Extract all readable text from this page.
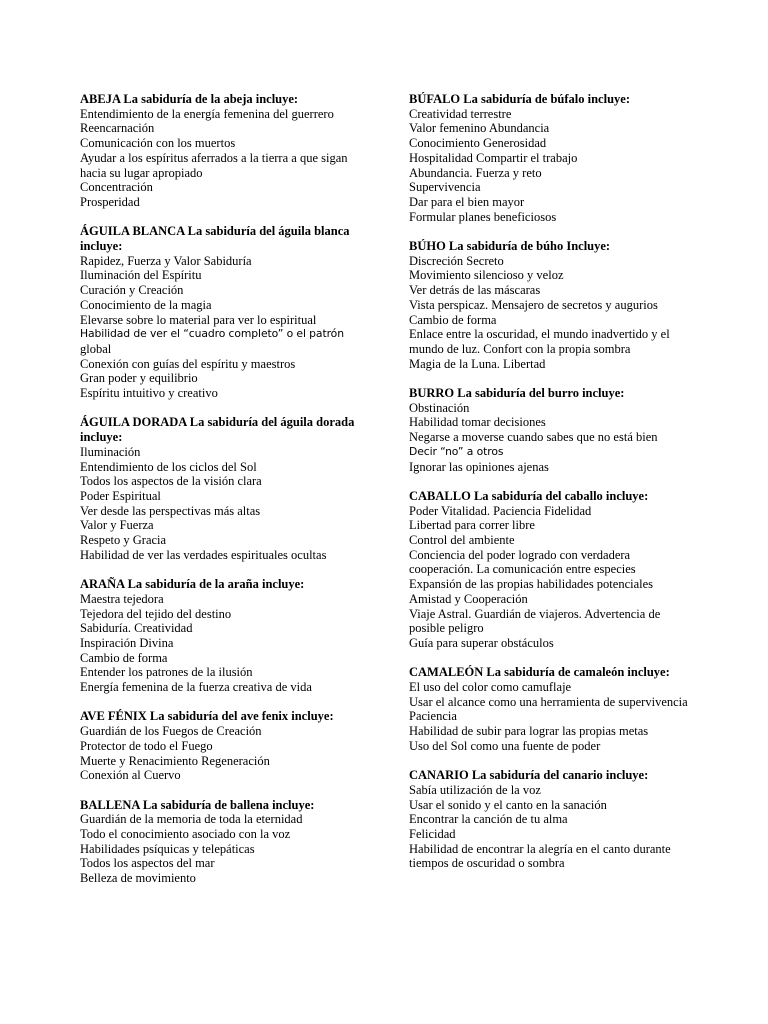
ABEJA La sabiduría de la abeja incluye:
Entendimiento de la energía femenina del guerrero
Reencarnación
Comunicación con los muertos
Ayudar a los espíritus aferrados a la tierra a que sigan
hacia su lugar apropiado
Concentración
Prosperidad
ÁGUILA BLANCA La sabiduría del águila blanca
incluye:
Rapidez, Fuerza y Valor Sabiduría
Iluminación del Espíritu
Curación y Creación
Conocimiento de la magia
Elevarse sobre lo material para ver lo espiritual
Habilidad de ver el “cuadro completo” o el patrón
global
Conexión con guías del espíritu y maestros
Gran poder y equilibrio
Espíritu intuitivo y creativo
ÁGUILA DORADA La sabiduría del águila dorada
incluye:
Iluminación
Entendimiento de los ciclos del Sol
Todos los aspectos de la visión clara
Poder Espiritual
Ver desde las perspectivas más altas
Valor y Fuerza
Respeto y Gracia
Habilidad de ver las verdades espirituales ocultas
ARAÑA La sabiduría de la araña incluye:
Maestra tejedora
Tejedora del tejido del destino
Sabiduría. Creatividad
Inspiración Divina
Cambio de forma
Entender los patrones de la ilusión
Energía femenina de la fuerza creativa de vida
AVE FÉNIX La sabiduría del ave fenix incluye:
Guardián de los Fuegos de Creación
Protector de todo el Fuego
Muerte y Renacimiento Regeneración
Conexión al Cuervo
BALLENA La sabiduría de ballena incluye:
Guardián de la memoria de toda la eternidad
Todo el conocimiento asociado con la voz
Habilidades psíquicas y telepáticas
Todos los aspectos del mar
Belleza de movimiento
BÚFALO La sabiduría de búfalo incluye:
Creatividad terrestre
Valor femenino Abundancia
Conocimiento Generosidad
Hospitalidad Compartir el trabajo
Abundancia. Fuerza y reto
Supervivencia
Dar para el bien mayor
Formular planes beneficiosos
BÚHO La sabiduría de búho Incluye:
Discreción Secreto
Movimiento silencioso y veloz
Ver detrás de las máscaras
Vista perspicaz. Mensajero de secretos y augurios
Cambio de forma
Enlace entre la oscuridad, el mundo inadvertido y el
mundo de luz. Confort con la propia sombra
Magia de la Luna. Libertad
BURRO La sabiduría del burro incluye:
Obstinación
Habilidad tomar decisiones
Negarse a moverse cuando sabes que no está bien
Decir “no” a otros
Ignorar las opiniones ajenas
CABALLO La sabiduría del caballo incluye:
Poder Vitalidad. Paciencia Fidelidad
Libertad para correr libre
Control del ambiente
Conciencia del poder logrado con verdadera
cooperación. La comunicación entre especies
Expansión de las propias habilidades potenciales
Amistad y Cooperación
Viaje Astral. Guardián de viajeros. Advertencia de
posible peligro
Guía para superar obstáculos
CAMALEÓN La sabiduría de camaleón incluye:
El uso del color como camuflaje
Usar el alcance como una herramienta de supervivencia
Paciencia
Habilidad de subir para lograr las propias metas
Uso del Sol como una fuente de poder
CANARIO La sabiduría del canario incluye:
Sabía utilización de la voz
Usar el sonido y el canto en la sanación
Encontrar la canción de tu alma
Felicidad
Habilidad de encontrar la alegría en el canto durante
tiempos de oscuridad o sombra
